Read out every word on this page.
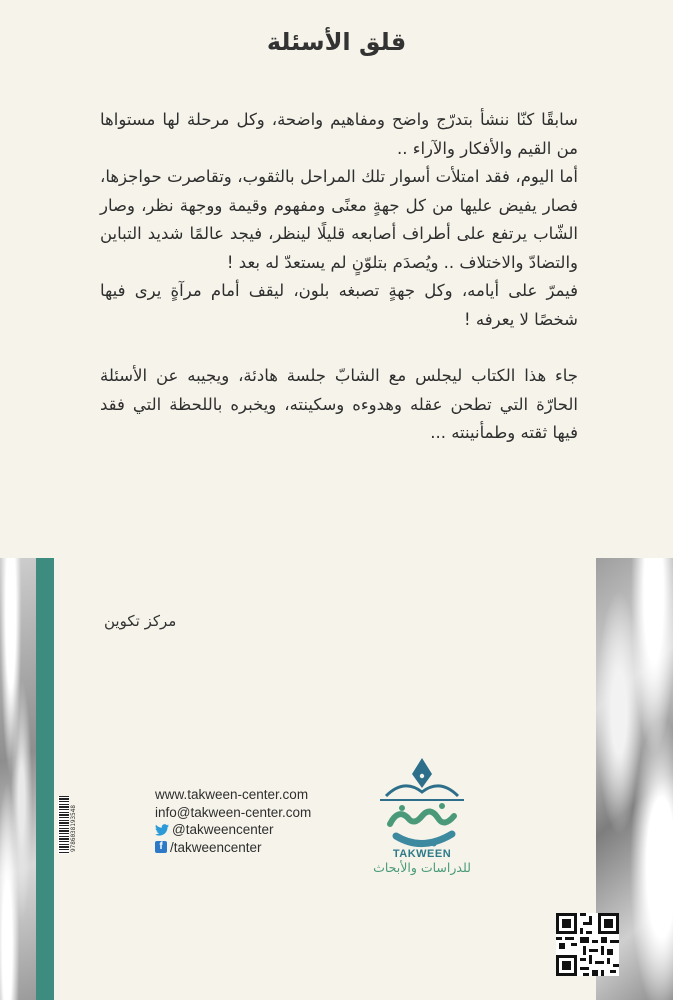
قلق الأسئلة

سابقًا كنّا ننشأ بتدرّج واضح ومفاهيم واضحة، وكل مرحلة لها مستواها من القيم والأفكار والآراء ..

أما اليوم، فقد امتلأت أسوار تلك المراحل بالثقوب، وتقاصرت حواجزها، فصار يفيض عليها من كل جهةٍ معنًى ومفهوم وقيمة ووجهة نظر، وصار الشّاب يرتفع على أطراف أصابعه قليلًا لينظر، فيجد عالمًا شديد التباين والتضادّ والاختلاف .. ويُصدَم بتلوّنٍ لم يستعدّ له بعد !

فيمرّ على أيامه، وكل جهةٍ تصبغه بلون، ليقف أمام مرآةٍ يرى فيها شخصًا لا يعرفه !

جاء هذا الكتاب ليجلس مع الشابّ جلسة هادئة، ويجيبه عن الأسئلة الحارّة التي تطحن عقله وهدوءه وسكينته، ويخبره باللحظة التي فقد فيها ثقته وطمأنينته ...

9786038193548
مركز تكوين
www.takween-center.com
info@takween-center.com
@takweencenter
f /takweencenter	TAKWEEN
للدراسات والأبحاث
